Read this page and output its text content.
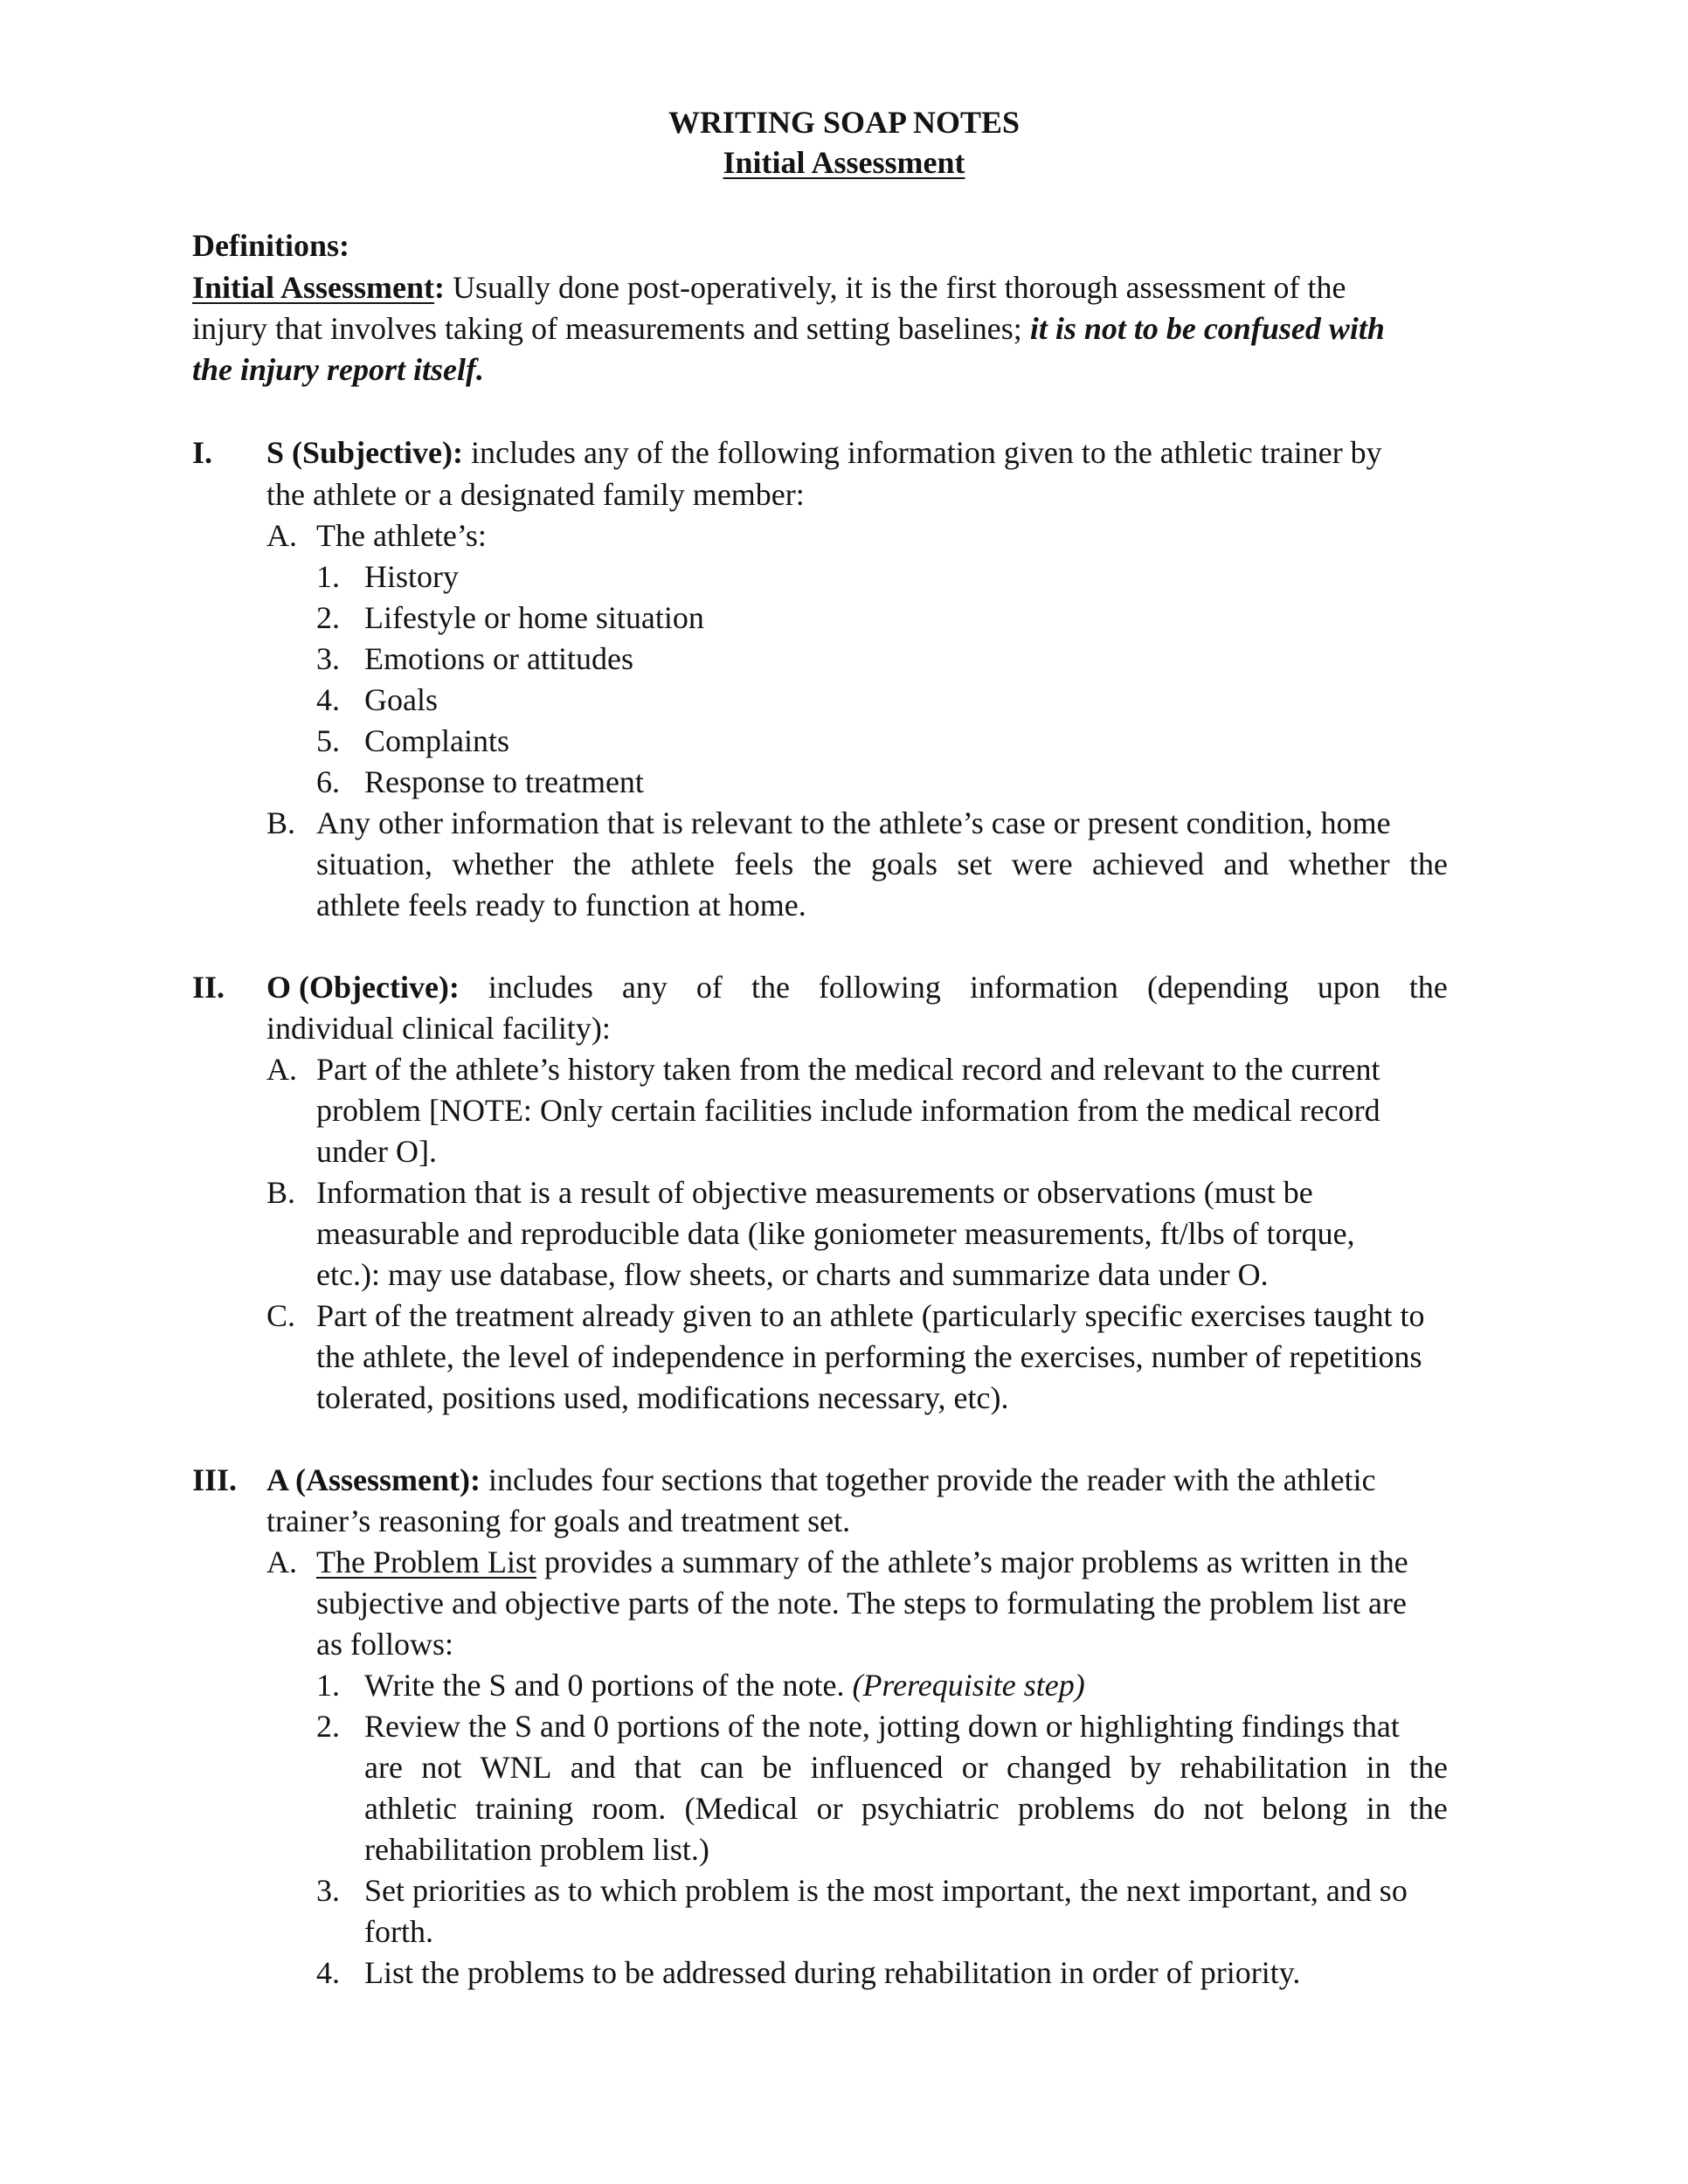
WRITING SOAP NOTES
Initial Assessment
Definitions:
Initial Assessment: Usually done post-operatively, it is the first thorough assessment of the
injury that involves taking of measurements and setting baselines; it is not to be confused with
the injury report itself.
I. S (Subjective): includes any of the following information given to the athletic trainer by
the athlete or a designated family member:
A. The athlete’s:
1. History
2. Lifestyle or home situation
3. Emotions or attitudes
4. Goals
5. Complaints
6. Response to treatment
B. Any other information that is relevant to the athlete’s case or present condition, home
situation, whether the athlete feels the goals set were achieved and whether the
athlete feels ready to function at home.
II. O (Objective): includes any of the following information (depending upon the
individual clinical facility):
A. Part of the athlete’s history taken from the medical record and relevant to the current
problem [NOTE: Only certain facilities include information from the medical record
under O].
B. Information that is a result of objective measurements or observations (must be
measurable and reproducible data (like goniometer measurements, ft/lbs of torque,
etc.): may use database, flow sheets, or charts and summarize data under O.
C. Part of the treatment already given to an athlete (particularly specific exercises taught to
the athlete, the level of independence in performing the exercises, number of repetitions
tolerated, positions used, modifications necessary, etc).
III. A (Assessment): includes four sections that together provide the reader with the athletic
trainer’s reasoning for goals and treatment set.
A. The Problem List provides a summary of the athlete’s major problems as written in the
subjective and objective parts of the note. The steps to formulating the problem list are
as follows:
1. Write the S and 0 portions of the note. (Prerequisite step)
2. Review the S and 0 portions of the note, jotting down or highlighting findings that
are not WNL and that can be influenced or changed by rehabilitation in the
athletic training room. (Medical or psychiatric problems do not belong in the
rehabilitation problem list.)
3. Set priorities as to which problem is the most important, the next important, and so
forth.
4. List the problems to be addressed during rehabilitation in order of priority.
